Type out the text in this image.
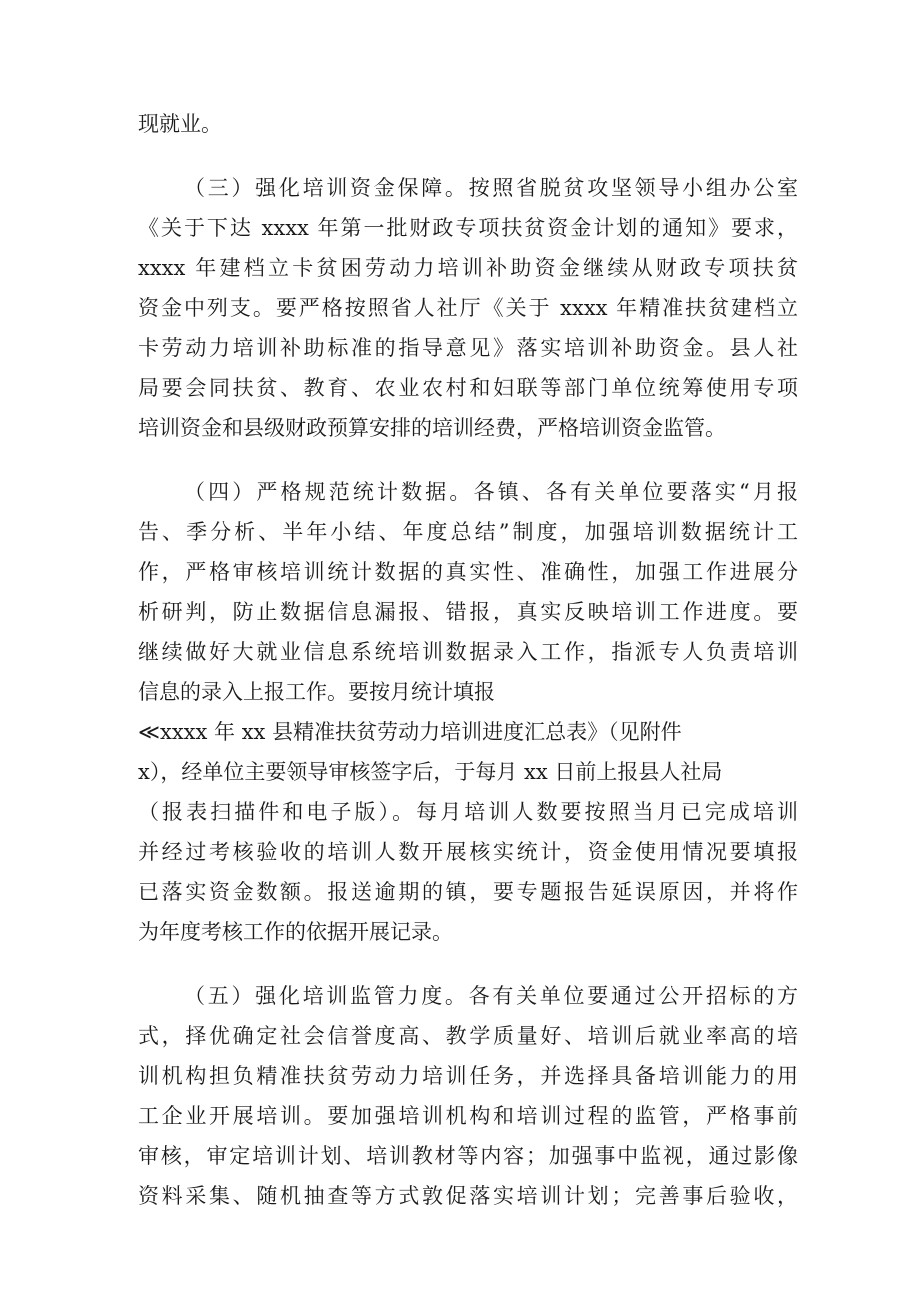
现就业。
（三）强化培训资金保障。按照省脱贫攻坚领导小组办公室
《关于下达 xxxx 年第一批财政专项扶贫资金计划的通知》要求，
xxxx 年建档立卡贫困劳动力培训补助资金继续从财政专项扶贫
资金中列支。要严格按照省人社厅《关于 xxxx 年精准扶贫建档立
卡劳动力培训补助标准的指导意见》落实培训补助资金。县人社
局要会同扶贫、教育、农业农村和妇联等部门单位统筹使用专项
培训资金和县级财政预算安排的培训经费，严格培训资金监管。
（四）严格规范统计数据。各镇、各有关单位要落实“月报
告、季分析、半年小结、年度总结”制度，加强培训数据统计工
作，严格审核培训统计数据的真实性、准确性，加强工作进展分
析研判，防止数据信息漏报、错报，真实反映培训工作进度。要
继续做好大就业信息系统培训数据录入工作，指派专人负责培训
信息的录入上报工作。要按月统计填报
≪xxxx 年 xx 县精准扶贫劳动力培训进度汇总表》（见附件
x），经单位主要领导审核签字后，于每月 xx 日前上报县人社局
（报表扫描件和电子版）。每月培训人数要按照当月已完成培训
并经过考核验收的培训人数开展核实统计，资金使用情况要填报
已落实资金数额。报送逾期的镇，要专题报告延误原因，并将作
为年度考核工作的依据开展记录。
（五）强化培训监管力度。各有关单位要通过公开招标的方
式，择优确定社会信誉度高、教学质量好、培训后就业率高的培
训机构担负精准扶贫劳动力培训任务，并选择具备培训能力的用
工企业开展培训。要加强培训机构和培训过程的监管，严格事前
审核，审定培训计划、培训教材等内容；加强事中监视，通过影像
资料采集、随机抽查等方式敦促落实培训计划；完善事后验收，
